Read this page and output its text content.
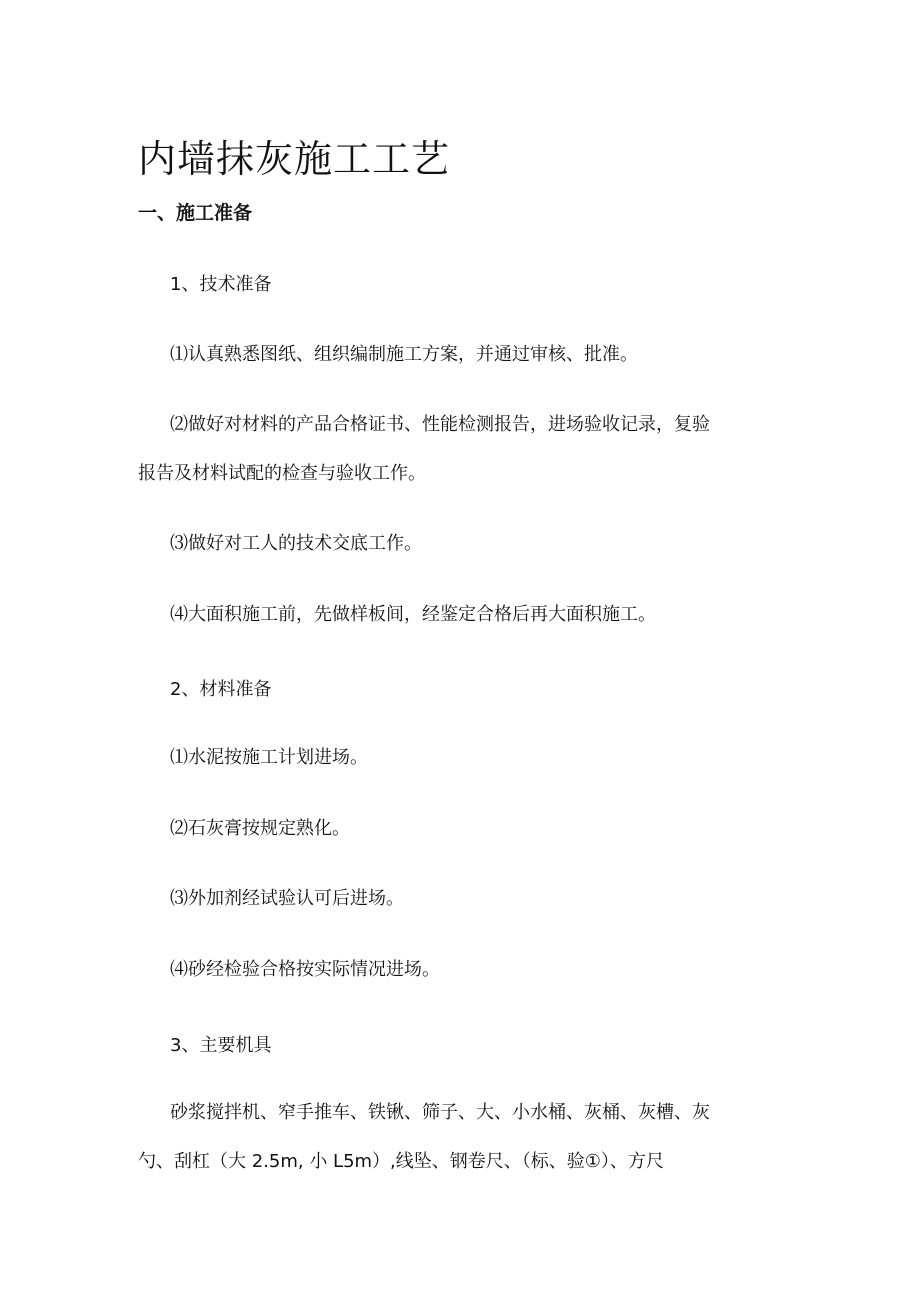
内墙抹灰施工工艺
一、施工准备

1、技术准备

⑴认真熟悉图纸、组织编制施工方案，并通过审核、批准。

⑵做好对材料的产品合格证书、性能检测报告，进场验收记录，复验

报告及材料试配的检查与验收工作。

⑶做好对工人的技术交底工作。

⑷大面积施工前，先做样板间，经鉴定合格后再大面积施工。

2、材料准备

⑴水泥按施工计划进场。

⑵石灰膏按规定熟化。

⑶外加剂经试验认可后进场。

⑷砂经检验合格按实际情况进场。

3、主要机具

砂浆搅拌机、窄手推车、铁锹、筛子、大、小水桶、灰桶、灰槽、灰

勺、刮杠（大 2.5m, 小 L5m）,线坠、钢卷尺、（标、验①）、方尺
